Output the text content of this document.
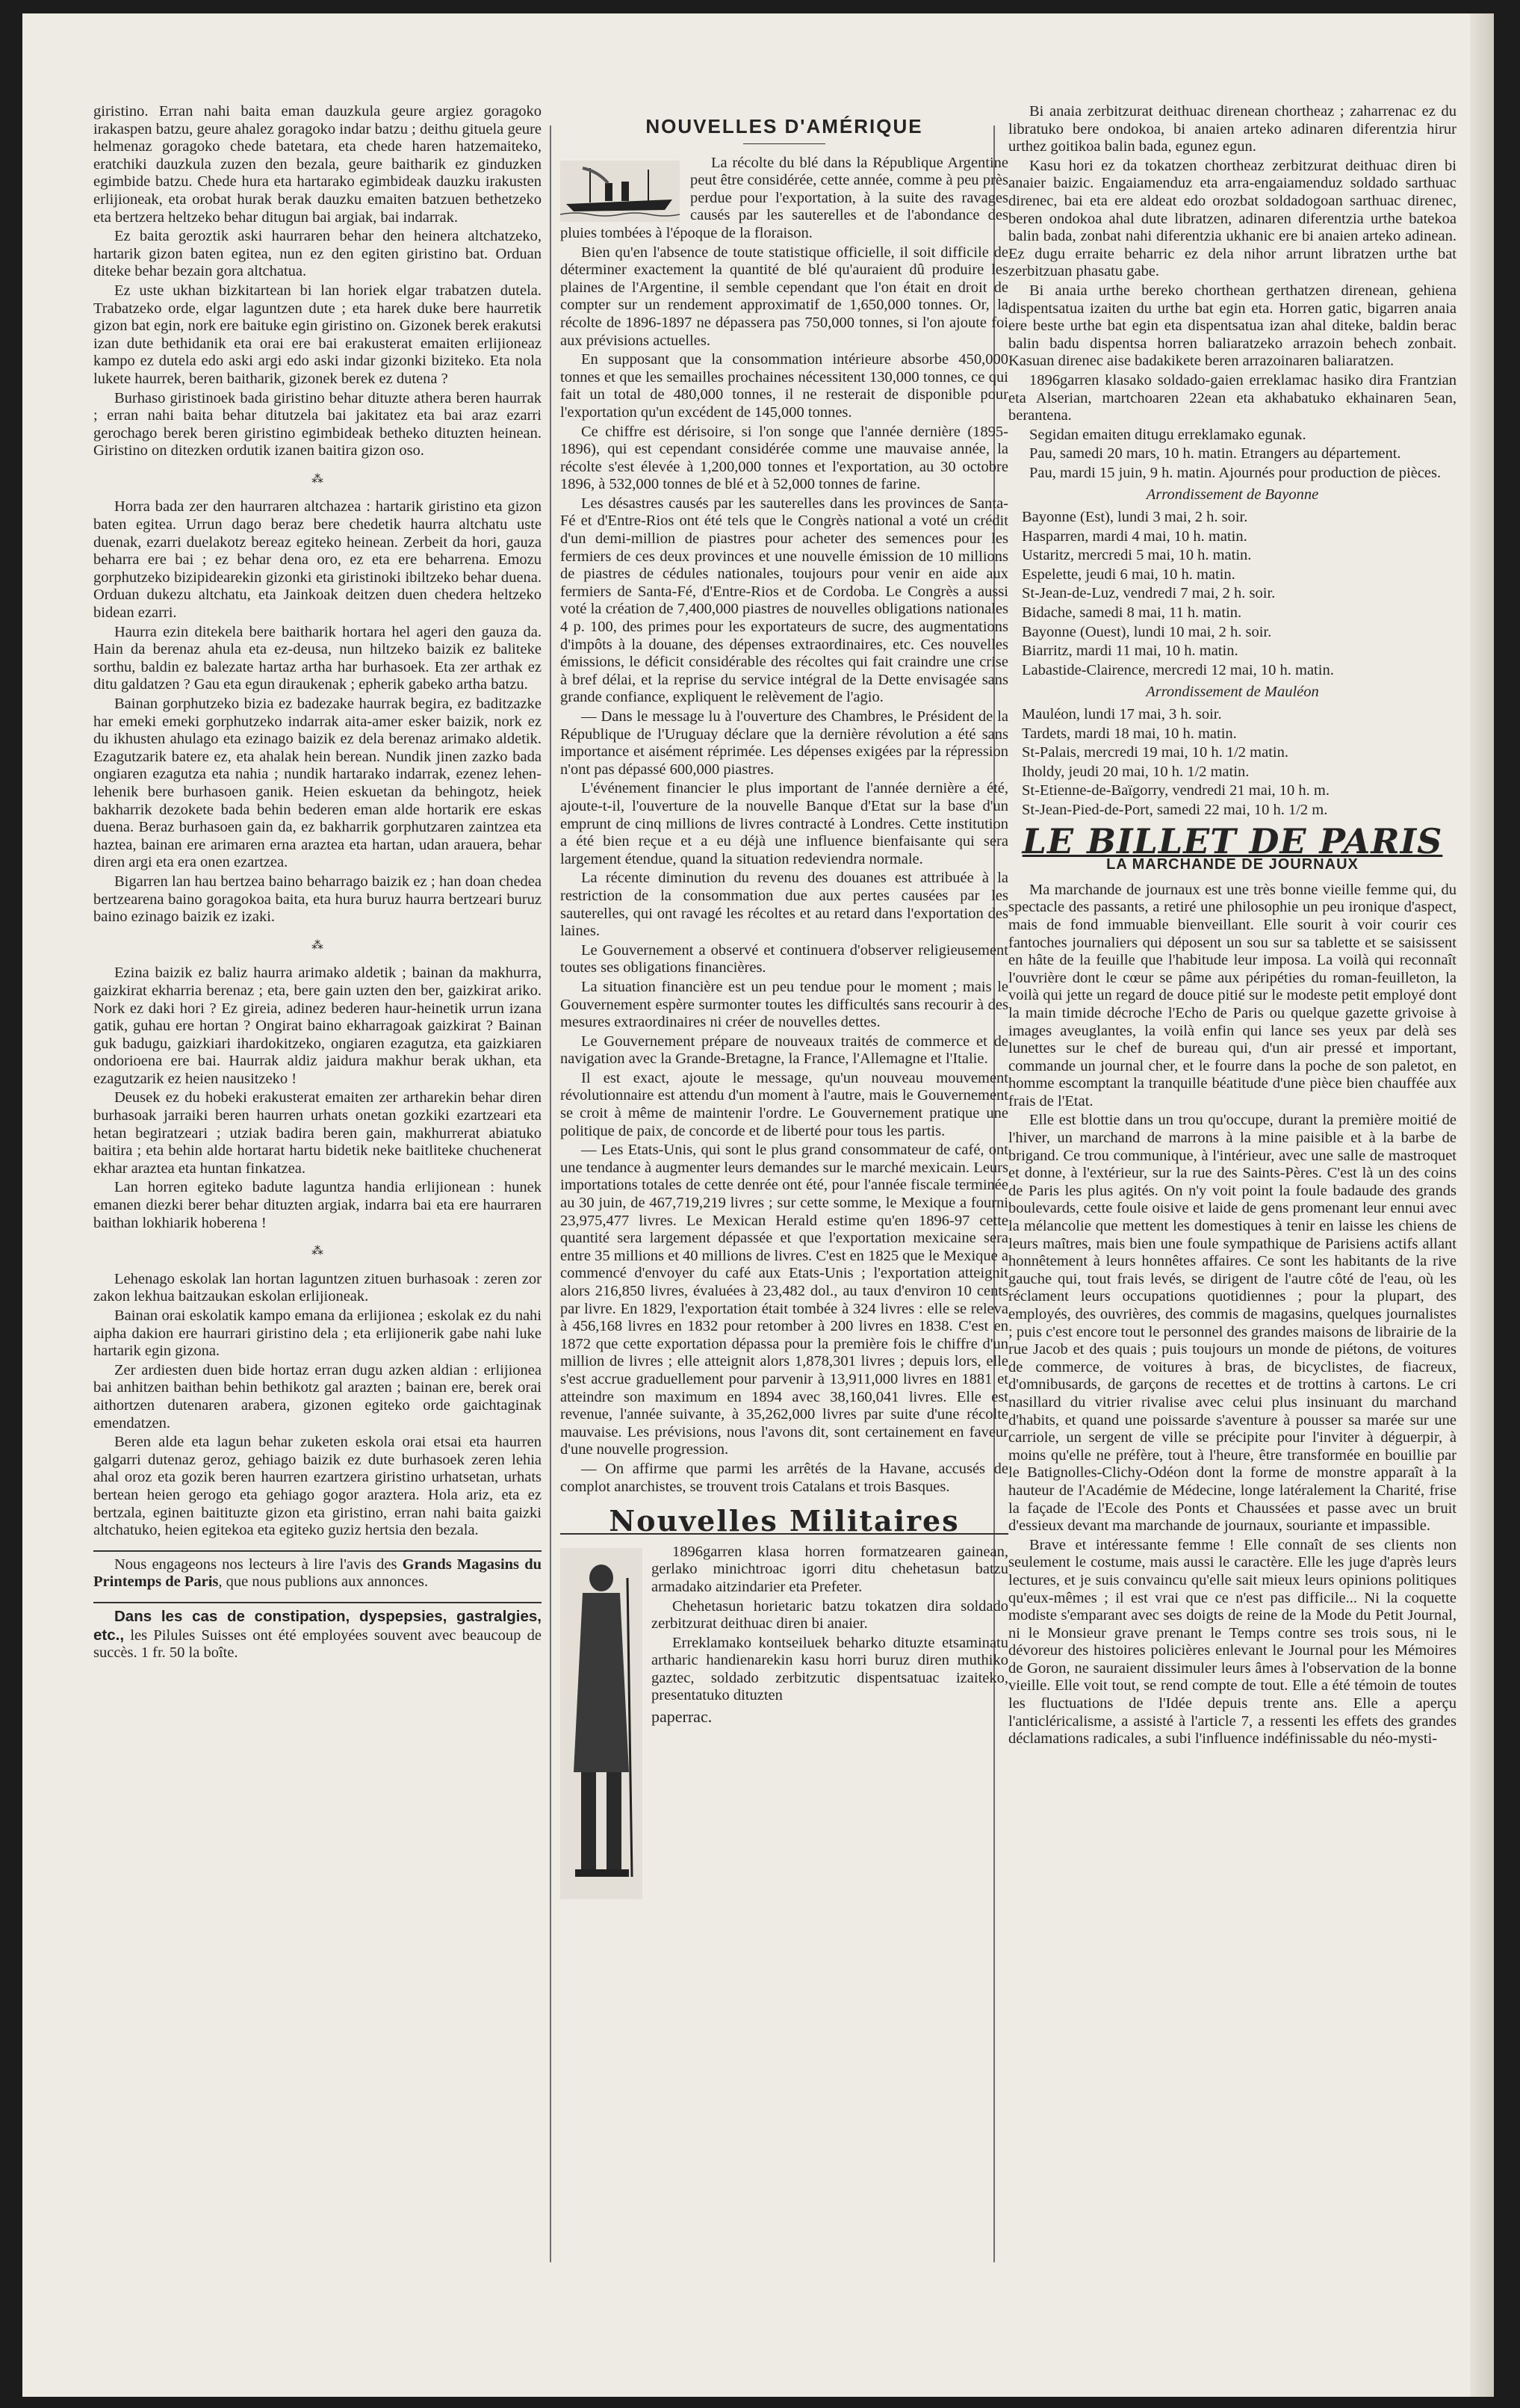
giristino. Erran nahi baita eman dauzkula geure argiez goragoko irakaspen batzu, geure ahalez goragoko indar batzu ; deithu gituela geure helmenaz goragoko chede batetara, eta chede haren hatzemaiteko, eratchiki dauzkula zuzen den bezala, geure baitharik ez ginduzken egimbide batzu. Chede hura eta hartarako egimbideak dauzku irakusten erlijioneak, eta orobat hurak berak dauzku emaiten batzuen bethetzeko eta bertzera heltzeko behar ditugun bai argiak, bai indarrak.

Ez baita geroztik aski haurraren behar den heinera altchatzeko, hartarik gizon baten egitea, nun ez den egiten giristino bat. Orduan diteke behar bezain gora altchatua.

Ez uste ukhan bizkitartean bi lan horiek elgar trabatzen dutela. Trabatzeko orde, elgar laguntzen dute ; eta harek duke bere haurretik gizon bat egin, nork ere baituke egin giristino on. Gizonek berek erakutsi izan dute bethidanik eta orai ere bai erakusterat emaiten erlijioneaz kampo ez dutela edo aski argi edo aski indar gizonki biziteko. Eta nola lukete haurrek, beren baitharik, gizonek berek ez dutena ?

Burhaso giristinoek bada giristino behar dituzte athera beren haurrak ; erran nahi baita behar ditutzela bai jakitatez eta bai araz ezarri gerochago berek beren giristino egimbideak betheko dituzten heinean. Giristino on ditezken ordutik izanen baitira gizon oso.

⁂

Horra bada zer den haurraren altchazea : hartarik giristino eta gizon baten egitea. Urrun dago beraz bere chedetik haurra altchatu uste duenak, ezarri duelakotz bereaz egiteko heinean. Zerbeit da hori, gauza beharra ere bai ; ez behar dena oro, ez eta ere beharrena. Emozu gorphutzeko bizipidearekin gizonki eta giristinoki ibiltzeko behar duena. Orduan dukezu altchatu, eta Jainkoak deitzen duen chedera heltzeko bidean ezarri.

Haurra ezin ditekela bere baitharik hortara hel ageri den gauza da. Hain da berenaz ahula eta ez-deusa, nun hiltzeko baizik ez baliteke sorthu, baldin ez balezate hartaz artha har burhasoek. Eta zer arthak ez ditu galdatzen ? Gau eta egun diraukenak ; epherik gabeko artha batzu.

Bainan gorphutzeko bizia ez badezake haurrak begira, ez baditzazke har emeki emeki gorphutzeko indarrak aita-amer esker baizik, nork ez du ikhusten ahulago eta ezinago baizik ez dela berenaz arimako aldetik. Ezagutzarik batere ez, eta ahalak hein berean. Nundik jinen zazko bada ongiaren ezagutza eta nahia ; nundik hartarako indarrak, ezenez lehen-lehenik bere burhasoen ganik. Heien eskuetan da behingotz, heiek bakharrik dezokete bada behin bederen eman alde hortarik ere eskas duena. Beraz burhasoen gain da, ez bakharrik gorphutzaren zaintzea eta haztea, bainan ere arimaren erna araztea eta hartan, udan arauera, behar diren argi eta era onen ezartzea.

Bigarren lan hau bertzea baino beharrago baizik ez ; han doan chedea bertzearena baino goragokoa baita, eta hura buruz haurra bertzeari buruz baino ezinago baizik ez izaki.

⁂

Ezina baizik ez baliz haurra arimako aldetik ; bainan da makhurra, gaizkirat ekharria berenaz ; eta, bere gain uzten den ber, gaizkirat ariko. Nork ez daki hori ? Ez gireia, adinez bederen haur-heinetik urrun izana gatik, guhau ere hortan ? Ongirat baino ekharragoak gaizkirat ? Bainan guk badugu, gaizkiari ihardokitzeko, ongiaren ezagutza, eta gaizkiaren ondorioena ere bai. Haurrak aldiz jaidura makhur berak ukhan, eta ezagutzarik ez heien nausitzeko !

Deusek ez du hobeki erakusterat emaiten zer artharekin behar diren burhasoak jarraiki beren haurren urhats onetan gozkiki ezartzeari eta hetan begiratzeari ; utziak badira beren gain, makhurrerat abiatuko baitira ; eta behin alde hortarat hartu bidetik neke baitliteke chuchenerat ekhar araztea eta huntan finkatzea.

Lan horren egiteko badute laguntza handia erlijionean : hunek emanen diezki berer behar dituzten argiak, indarra bai eta ere haurraren baithan lokhiarik hoberena !

⁂

Lehenago eskolak lan hortan laguntzen zituen burhasoak : zeren zor zakon lekhua baitzaukan eskolan erlijioneak.

Bainan orai eskolatik kampo emana da erlijionea ; eskolak ez du nahi aipha dakion ere haurrari giristino dela ; eta erlijionerik gabe nahi luke hartarik egin gizona.

Zer ardiesten duen bide hortaz erran dugu azken aldian : erlijionea bai anhitzen baithan behin bethikotz gal arazten ; bainan ere, berek orai aithortzen dutenaren arabera, gizonen egiteko orde gaichtaginak emendatzen.

Beren alde eta lagun behar zuketen eskola orai etsai eta haurren galgarri dutenaz geroz, gehiago baizik ez dute burhasoek zeren lehia ahal oroz eta gozik beren haurren ezartzera giristino urhatsetan, urhats bertean heien gerogo eta gehiago gogor araztera. Hola ariz, eta ez bertzala, eginen baitituzte gizon eta giristino, erran nahi baita gaizki altchatuko, heien egitekoa eta egiteko guziz hertsia den bezala.

Nous engageons nos lecteurs à lire l'avis des Grands Magasins du Printemps de Paris, que nous publions aux annonces.

Dans les cas de constipation, dyspepsies, gastralgies, etc., les Pilules Suisses ont été employées souvent avec beaucoup de succès. 1 fr. 50 la boîte.

NOUVELLES D'AMÉRIQUE

La récolte du blé dans la République Argentine peut être considérée, cette année, comme à peu près perdue pour l'exportation, à la suite des ravages causés par les sauterelles et de l'abondance des pluies tombées à l'époque de la floraison.

Bien qu'en l'absence de toute statistique officielle, il soit difficile de déterminer exactement la quantité de blé qu'auraient dû produire les plaines de l'Argentine, il semble cependant que l'on était en droit de compter sur un rendement approximatif de 1,650,000 tonnes. Or, la récolte de 1896-1897 ne dépassera pas 750,000 tonnes, si l'on ajoute foi aux prévisions actuelles.

En supposant que la consommation intérieure absorbe 450,000 tonnes et que les semailles prochaines nécessitent 130,000 tonnes, ce qui fait un total de 480,000 tonnes, il ne resterait de disponible pour l'exportation qu'un excédent de 145,000 tonnes.

Ce chiffre est dérisoire, si l'on songe que l'année dernière (1895-1896), qui est cependant considérée comme une mauvaise année, la récolte s'est élevée à 1,200,000 tonnes et l'exportation, au 30 octobre 1896, à 532,000 tonnes de blé et à 52,000 tonnes de farine.

Les désastres causés par les sauterelles dans les provinces de Santa-Fé et d'Entre-Rios ont été tels que le Congrès national a voté un crédit d'un demi-million de piastres pour acheter des semences pour les fermiers de ces deux provinces et une nouvelle émission de 10 millions de piastres de cédules nationales, toujours pour venir en aide aux fermiers de Santa-Fé, d'Entre-Rios et de Cordoba. Le Congrès a aussi voté la création de 7,400,000 piastres de nouvelles obligations nationales 4 p. 100, des primes pour les exportateurs de sucre, des augmentations d'impôts à la douane, des dépenses extraordinaires, etc. Ces nouvelles émissions, le déficit considérable des récoltes qui fait craindre une crise à bref délai, et la reprise du service intégral de la Dette envisagée sans grande confiance, expliquent le relèvement de l'agio.

— Dans le message lu à l'ouverture des Chambres, le Président de la République de l'Uruguay déclare que la dernière révolution a été sans importance et aisément réprimée. Les dépenses exigées par la répression n'ont pas dépassé 600,000 piastres.

L'événement financier le plus important de l'année dernière a été, ajoute-t-il, l'ouverture de la nouvelle Banque d'Etat sur la base d'un emprunt de cinq millions de livres contracté à Londres. Cette institution a été bien reçue et a eu déjà une influence bienfaisante qui sera largement étendue, quand la situation redeviendra normale.

La récente diminution du revenu des douanes est attribuée à la restriction de la consommation due aux pertes causées par les sauterelles, qui ont ravagé les récoltes et au retard dans l'exportation des laines.

Le Gouvernement a observé et continuera d'observer religieusement toutes ses obligations financières.

La situation financière est un peu tendue pour le moment ; mais le Gouvernement espère surmonter toutes les difficultés sans recourir à des mesures extraordinaires ni créer de nouvelles dettes.

Le Gouvernement prépare de nouveaux traités de commerce et de navigation avec la Grande-Bretagne, la France, l'Allemagne et l'Italie.

Il est exact, ajoute le message, qu'un nouveau mouvement révolutionnaire est attendu d'un moment à l'autre, mais le Gouvernement se croit à même de maintenir l'ordre. Le Gouvernement pratique une politique de paix, de concorde et de liberté pour tous les partis.

— Les Etats-Unis, qui sont le plus grand consommateur de café, ont une tendance à augmenter leurs demandes sur le marché mexicain. Leurs importations totales de cette denrée ont été, pour l'année fiscale terminée au 30 juin, de 467,719,219 livres ; sur cette somme, le Mexique a fourni 23,975,477 livres. Le Mexican Herald estime qu'en 1896-97 cette quantité sera largement dépassée et que l'exportation mexicaine sera entre 35 millions et 40 millions de livres. C'est en 1825 que le Mexique a commencé d'envoyer du café aux Etats-Unis ; l'exportation atteignit alors 216,850 livres, évaluées à 23,482 dol., au taux d'environ 10 cents par livre. En 1829, l'exportation était tombée à 324 livres : elle se releva à 456,168 livres en 1832 pour retomber à 200 livres en 1838. C'est en 1872 que cette exportation dépassa pour la première fois le chiffre d'un million de livres ; elle atteignit alors 1,878,301 livres ; depuis lors, elle s'est accrue graduellement pour parvenir à 13,911,000 livres en 1881 et atteindre son maximum en 1894 avec 38,160,041 livres. Elle est revenue, l'année suivante, à 35,262,000 livres par suite d'une récolte mauvaise. Les prévisions, nous l'avons dit, sont certainement en faveur d'une nouvelle progression.

— On affirme que parmi les arrêtés de la Havane, accusés de complot anarchistes, se trouvent trois Catalans et trois Basques.

Nouvelles Militaires

1896garren klasa horren formatzearen gainean, gerlako minichtroac igorri ditu chehetasun batzu armadako aitzindarier eta Prefeter.

Chehetasun horietaric batzu tokatzen dira soldado zerbitzurat deithuac diren bi anaier.

Erreklamako kontseiluek beharko dituzte etsaminatu artharic handienarekin kasu horri buruz diren muthiko gaztec, soldado zerbitzutic dispentsatuac izaiteko, presentatuko dituzten

paperrac.

Bi anaia zerbitzurat deithuac direnean chortheaz ; zaharrenac ez du libratuko bere ondokoa, bi anaien arteko adinaren diferentzia hirur urthez goitikoa balin bada, egunez egun.

Kasu hori ez da tokatzen chortheaz zerbitzurat deithuac diren bi anaier baizic. Engaiamenduz eta arra-engaiamenduz soldado sarthuac direnec, bai eta ere aldeat edo orozbat soldadogoan sarthuac direnec, beren ondokoa ahal dute libratzen, adinaren diferentzia urthe batekoa balin bada, zonbat nahi diferentzia ukhanic ere bi anaien arteko adinean. Ez dugu erraite beharric ez dela nihor arrunt libratzen urthe bat zerbitzuan phasatu gabe.

Bi anaia urthe bereko chorthean gerthatzen direnean, gehiena dispentsatua izaiten du urthe bat egin eta. Horren gatic, bigarren anaia ere beste urthe bat egin eta dispentsatua izan ahal diteke, baldin berac balin badu dispentsa horren baliaratzeko arrazoin behech zonbait. Kasuan direnec aise badakikete beren arrazoinaren baliaratzen.

1896garren klasako soldado-gaien erreklamac hasiko dira Frantzian eta Alserian, martchoaren 22ean eta akhabatuko ekhainaren 5ean, berantena.

Segidan emaiten ditugu erreklamako egunak.

Pau, samedi 20 mars, 10 h. matin. Etrangers au département.

Pau, mardi 15 juin, 9 h. matin. Ajournés pour production de pièces.

Arrondissement de Bayonne

Bayonne (Est), lundi 3 mai, 2 h. soir.

Hasparren, mardi 4 mai, 10 h. matin.

Ustaritz, mercredi 5 mai, 10 h. matin.

Espelette, jeudi 6 mai, 10 h. matin.

St-Jean-de-Luz, vendredi 7 mai, 2 h. soir.

Bidache, samedi 8 mai, 11 h. matin.

Bayonne (Ouest), lundi 10 mai, 2 h. soir.

Biarritz, mardi 11 mai, 10 h. matin.

Labastide-Clairence, mercredi 12 mai, 10 h. matin.

Arrondissement de Mauléon

Mauléon, lundi 17 mai, 3 h. soir.

Tardets, mardi 18 mai, 10 h. matin.

St-Palais, mercredi 19 mai, 10 h. 1/2 matin.

Iholdy, jeudi 20 mai, 10 h. 1/2 matin.

St-Etienne-de-Baïgorry, vendredi 21 mai, 10 h. m.

St-Jean-Pied-de-Port, samedi 22 mai, 10 h. 1/2 m.

LE BILLET DE PARIS
LA MARCHANDE DE JOURNAUX

Ma marchande de journaux est une très bonne vieille femme qui, du spectacle des passants, a retiré une philosophie un peu ironique d'aspect, mais de fond immuable bienveillant. Elle sourit à voir courir ces fantoches journaliers qui déposent un sou sur sa tablette et se saisissent en hâte de la feuille que l'habitude leur imposa. La voilà qui reconnaît l'ouvrière dont le cœur se pâme aux péripéties du roman-feuilleton, la voilà qui jette un regard de douce pitié sur le modeste petit employé dont la main timide décroche l'Echo de Paris ou quelque gazette grivoise à images aveuglantes, la voilà enfin qui lance ses yeux par delà ses lunettes sur le chef de bureau qui, d'un air pressé et important, commande un journal cher, et le fourre dans la poche de son paletot, en homme escomptant la tranquille béatitude d'une pièce bien chauffée aux frais de l'Etat.

Elle est blottie dans un trou qu'occupe, durant la première moitié de l'hiver, un marchand de marrons à la mine paisible et à la barbe de brigand. Ce trou communique, à l'intérieur, avec une salle de mastroquet et donne, à l'extérieur, sur la rue des Saints-Pères. C'est là un des coins de Paris les plus agités. On n'y voit point la foule badaude des grands boulevards, cette foule oisive et laide de gens promenant leur ennui avec la mélancolie que mettent les domestiques à tenir en laisse les chiens de leurs maîtres, mais bien une foule sympathique de Parisiens actifs allant honnêtement à leurs honnêtes affaires. Ce sont les habitants de la rive gauche qui, tout frais levés, se dirigent de l'autre côté de l'eau, où les réclament leurs occupations quotidiennes ; pour la plupart, des employés, des ouvrières, des commis de magasins, quelques journalistes ; puis c'est encore tout le personnel des grandes maisons de librairie de la rue Jacob et des quais ; puis toujours un monde de piétons, de voitures de commerce, de voitures à bras, de bicyclistes, de fiacreux, d'omnibusards, de garçons de recettes et de trottins à cartons. Le cri nasillard du vitrier rivalise avec celui plus insinuant du marchand d'habits, et quand une poissarde s'aventure à pousser sa marée sur une carriole, un sergent de ville se précipite pour l'inviter à déguerpir, à moins qu'elle ne préfère, tout à l'heure, être transformée en bouillie par le Batignolles-Clichy-Odéon dont la forme de monstre apparaît à la hauteur de l'Académie de Médecine, longe latéralement la Charité, frise la façade de l'Ecole des Ponts et Chaussées et passe avec un bruit d'essieux devant ma marchande de journaux, souriante et impassible.

Brave et intéressante femme ! Elle connaît de ses clients non seulement le costume, mais aussi le caractère. Elle les juge d'après leurs lectures, et je suis convaincu qu'elle sait mieux leurs opinions politiques qu'eux-mêmes ; il est vrai que ce n'est pas difficile... Ni la coquette modiste s'emparant avec ses doigts de reine de la Mode du Petit Journal, ni le Monsieur grave prenant le Temps contre ses trois sous, ni le dévoreur des histoires policières enlevant le Journal pour les Mémoires de Goron, ne sauraient dissimuler leurs âmes à l'observation de la bonne vieille. Elle voit tout, se rend compte de tout. Elle a été témoin de toutes les fluctuations de l'Idée depuis trente ans. Elle a aperçu l'anticléricalisme, a assisté à l'article 7, a ressenti les effets des grandes déclamations radicales, a subi l'influence indéfinissable du néo-mysti-
